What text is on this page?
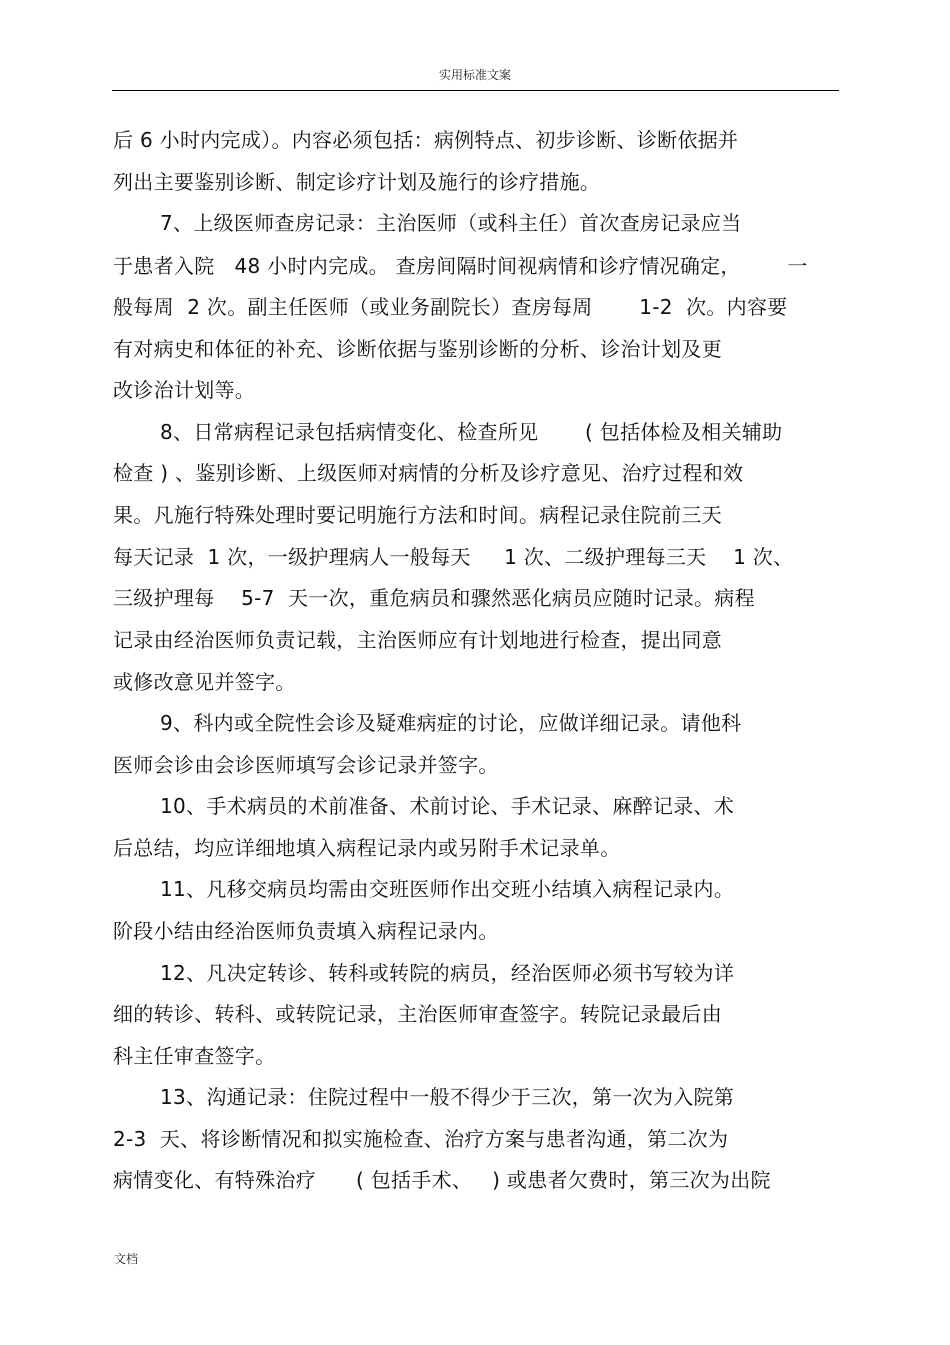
实用标准文案
后 6 小时内完成）。内容必须包括：病例特点、初步诊断、诊断依据并
列出主要鉴别诊断、制定诊疗计划及施行的诊疗措施。
7、上级医师查房记录：主治医师（或科主任）首次查房记录应当
于患者入院   48 小时内完成。 查房间隔时间视病情和诊疗情况确定，       一
般每周  2 次。副主任医师（或业务副院长）查房每周       1-2  次。内容要
有对病史和体征的补充、诊断依据与鉴别诊断的分析、诊治计划及更
改诊治计划等。
8、日常病程记录包括病情变化、检查所见       ( 包括体检及相关辅助
检查 ) 、鉴别诊断、上级医师对病情的分析及诊疗意见、治疗过程和效
果。凡施行特殊处理时要记明施行方法和时间。病程记录住院前三天
每天记录  1 次，一级护理病人一般每天     1 次、二级护理每三天    1 次、
三级护理每    5-7  天一次，重危病员和骤然恶化病员应随时记录。病程
记录由经治医师负责记载，主治医师应有计划地进行检查，提出同意
或修改意见并签字。
9、科内或全院性会诊及疑难病症的讨论，应做详细记录。请他科
医师会诊由会诊医师填写会诊记录并签字。
10、手术病员的术前准备、术前讨论、手术记录、麻醉记录、术
后总结，均应详细地填入病程记录内或另附手术记录单。
11、凡移交病员均需由交班医师作出交班小结填入病程记录内。
阶段小结由经治医师负责填入病程记录内。
12、凡决定转诊、转科或转院的病员，经治医师必须书写较为详
细的转诊、转科、或转院记录，主治医师审查签字。转院记录最后由
科主任审查签字。
13、沟通记录：住院过程中一般不得少于三次，第一次为入院第
2-3  天、将诊断情况和拟实施检查、治疗方案与患者沟通，第二次为
病情变化、有特殊治疗      ( 包括手术、   ) 或患者欠费时，第三次为出院
文档
